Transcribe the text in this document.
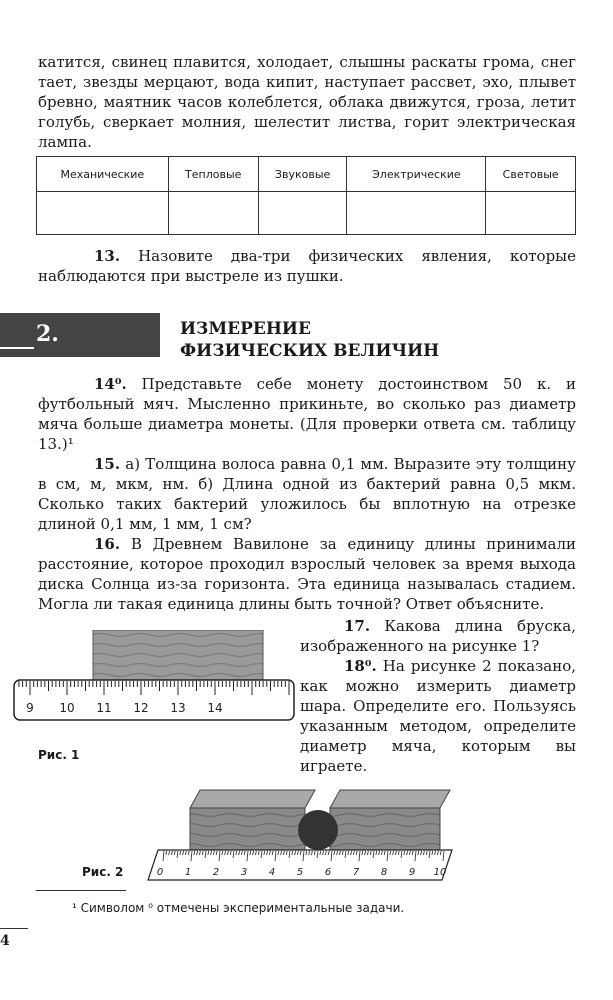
катится, свинец плавится, холодает, слышны раскаты грома, снег тает, звезды мерцают, вода кипит, наступает рассвет, эхо, плывет бревно, маятник часов колеблется, облака движутся, гроза, летит голубь, сверкает молния, шелестит листва, горит электрическая лампа.

Механические	Тепловые	Звуковые	Электрические	Световые

13. Назовите два-три физических явления, которые наблюдаются при выстреле из пушки.

2.	ИЗМЕРЕНИЕ
ФИЗИЧЕСКИХ ВЕЛИЧИН

14⁰. Представьте себе монету достоинством 50 к. и футбольный мяч. Мысленно прикиньте, во сколько раз диаметр мяча больше диаметра монеты. (Для проверки ответа см. таблицу 13.)¹

15. а) Толщина волоса равна 0,1 мм. Выразите эту толщину в см, м, мкм, нм. б) Длина одной из бактерий равна 0,5 мкм. Сколько таких бактерий уложилось бы вплотную на отрезке длиной 0,1 мм, 1 мм, 1 см?

16. В Древнем Вавилоне за единицу длины принимали расстояние, которое проходил взрослый человек за время выхода диска Солнца из-за горизонта. Эта единица называлась стадием. Могла ли такая единица длины быть точной? Ответ объясните.

17. Какова длина бруска, изображенного на рисунке 1?

18⁰. На рисунке 2 показано, как можно измерить диаметр шара. Определите его. Пользуясь указанным методом, определите диаметр мяча, которым вы играете.

9 10 11 12 13 14
Рис. 1
0 1 2 3 4 5 6 7 8 9 10
Рис. 2
¹ Символом ⁰ отмечены экспериментальные задачи.
4
